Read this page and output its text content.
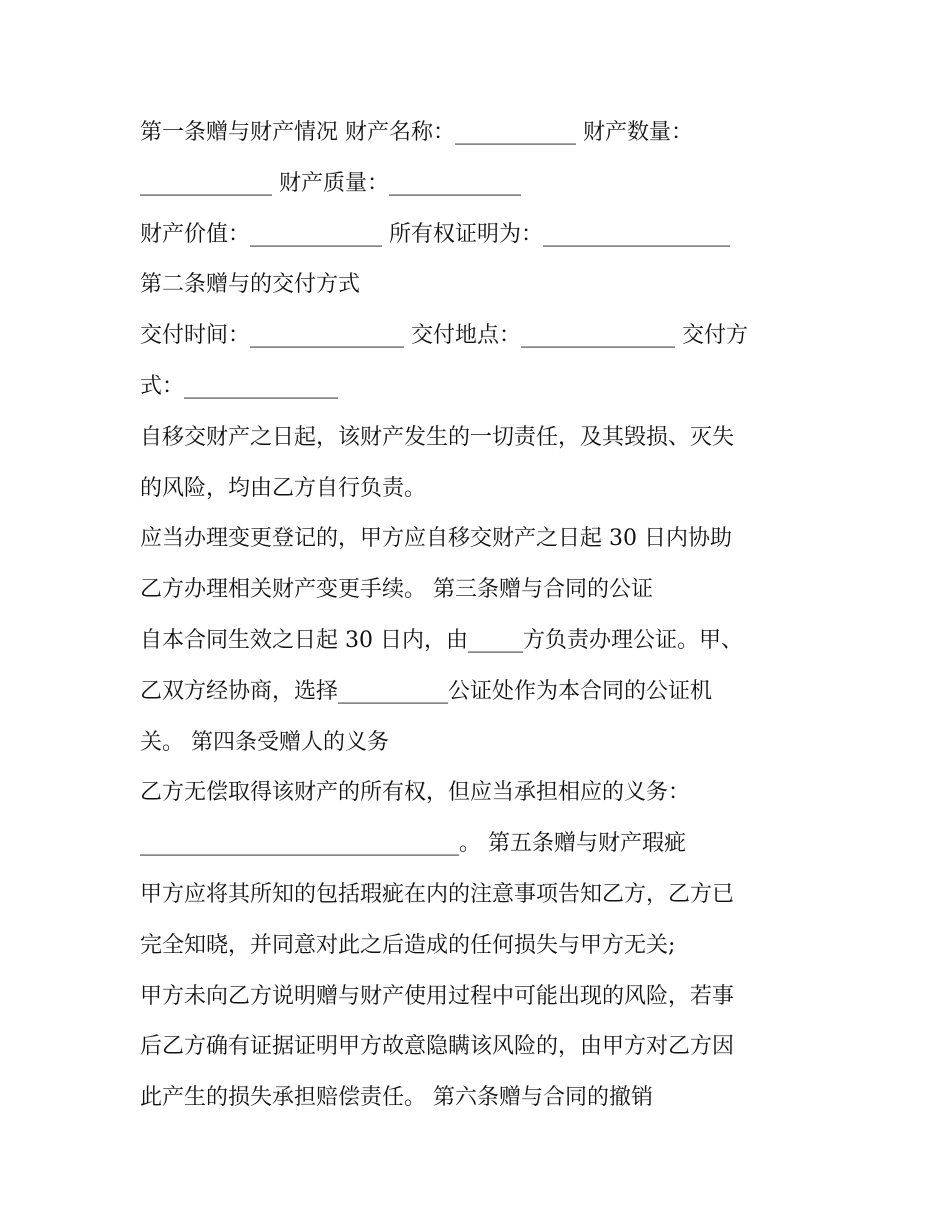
第一条赠与财产情况 财产名称：___________ 财产数量：
____________ 财产质量：____________
财产价值：____________ 所有权证明为：_________________
第二条赠与的交付方式
交付时间：______________ 交付地点：______________ 交付方
式：______________
自移交财产之日起，该财产发生的一切责任，及其毁损、灭失
的风险，均由乙方自行负责。
应当办理变更登记的，甲方应自移交财产之日起 30 日内协助
乙方办理相关财产变更手续。 第三条赠与合同的公证
自本合同生效之日起 30 日内，由_____方负责办理公证。甲、
乙双方经协商，选择__________公证处作为本合同的公证机
关。 第四条受赠人的义务
乙方无偿取得该财产的所有权，但应当承担相应的义务：
_____________________________。 第五条赠与财产瑕疵
甲方应将其所知的包括瑕疵在内的注意事项告知乙方，乙方已
完全知晓，并同意对此之后造成的任何损失与甲方无关;
甲方未向乙方说明赠与财产使用过程中可能出现的风险，若事
后乙方确有证据证明甲方故意隐瞒该风险的，由甲方对乙方因
此产生的损失承担赔偿责任。 第六条赠与合同的撤销
